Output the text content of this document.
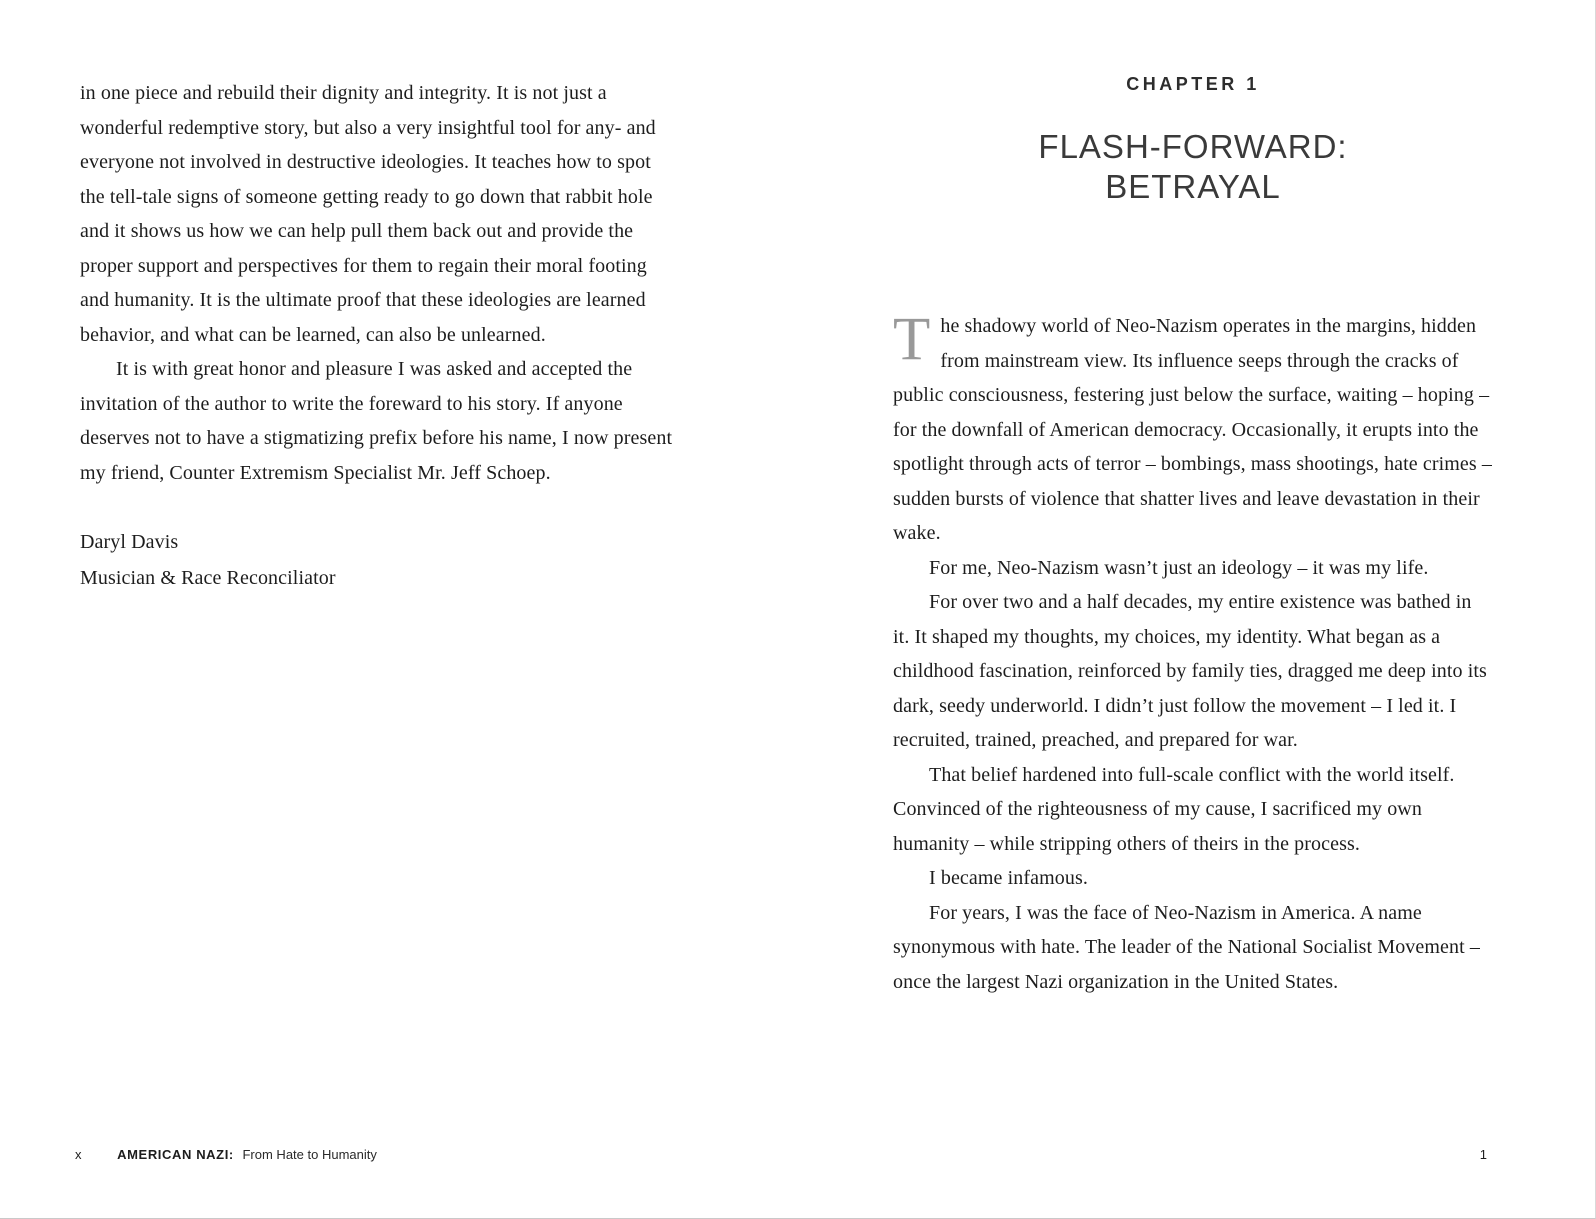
in one piece and rebuild their dignity and integrity. It is not just a wonderful redemptive story, but also a very insightful tool for any- and everyone not involved in destructive ideologies. It teaches how to spot the tell-tale signs of someone getting ready to go down that rabbit hole and it shows us how we can help pull them back out and provide the proper support and perspectives for them to regain their moral footing and humanity. It is the ultimate proof that these ideologies are learned behavior, and what can be learned, can also be unlearned.

It is with great honor and pleasure I was asked and accepted the invitation of the author to write the foreward to his story. If anyone deserves not to have a stigmatizing prefix before his name, I now present my friend, Counter Extremism Specialist Mr. Jeff Schoep.

Daryl Davis

Musician & Race Reconciliator

x	AMERICAN NAZI: From Hate to Humanity
CHAPTER 1
FLASH-FORWARD:
BETRAYAL

The shadowy world of Neo-Nazism operates in the margins, hidden from mainstream view. Its influence seeps through the cracks of public consciousness, festering just below the surface, waiting – hoping – for the downfall of American democracy. Occasionally, it erupts into the spotlight through acts of terror – bombings, mass shootings, hate crimes – sudden bursts of violence that shatter lives and leave devastation in their wake.

For me, Neo-Nazism wasn’t just an ideology – it was my life.

For over two and a half decades, my entire existence was bathed in it. It shaped my thoughts, my choices, my identity. What began as a childhood fascination, reinforced by family ties, dragged me deep into its dark, seedy underworld. I didn’t just follow the movement – I led it. I recruited, trained, preached, and prepared for war.

That belief hardened into full-scale conflict with the world itself. Convinced of the righteousness of my cause, I sacrificed my own humanity – while stripping others of theirs in the process.

I became infamous.

For years, I was the face of Neo-Nazism in America. A name synonymous with hate. The leader of the National Socialist Movement – once the largest Nazi organization in the United States.

1
